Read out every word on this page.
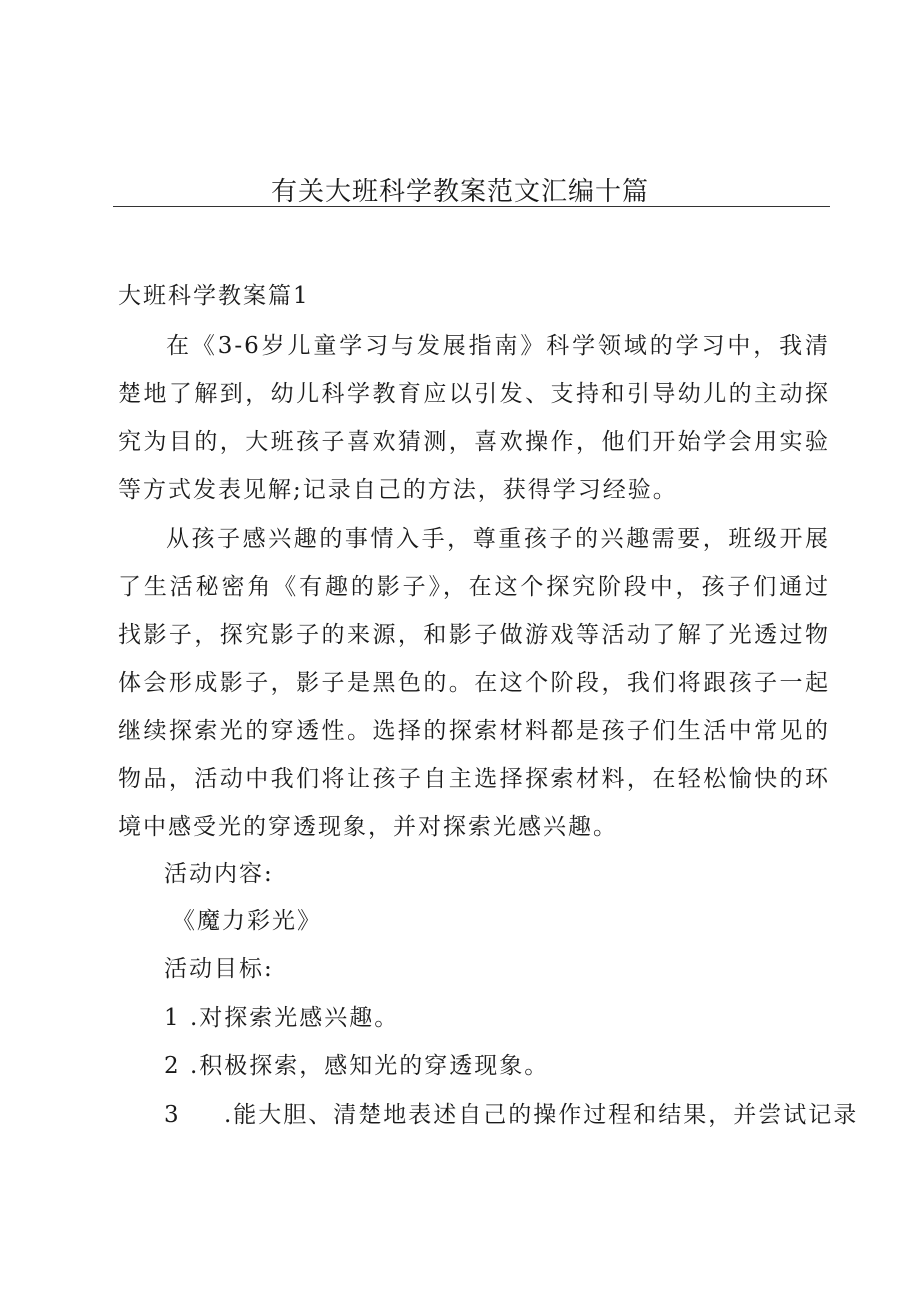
有关大班科学教案范文汇编十篇
大班科学教案篇1

在《3-6岁儿童学习与发展指南》科学领域的学习中，我清楚地了解到，幼儿科学教育应以引发、支持和引导幼儿的主动探究为目的，大班孩子喜欢猜测，喜欢操作，他们开始学会用实验等方式发表见解;记录自己的方法，获得学习经验。

从孩子感兴趣的事情入手，尊重孩子的兴趣需要，班级开展了生活秘密角《有趣的影子》，在这个探究阶段中，孩子们通过找影子，探究影子的来源，和影子做游戏等活动了解了光透过物体会形成影子，影子是黑色的。在这个阶段，我们将跟孩子一起继续探索光的穿透性。选择的探索材料都是孩子们生活中常见的物品，活动中我们将让孩子自主选择探索材料，在轻松愉快的环境中感受光的穿透现象，并对探索光感兴趣。

活动内容:
《魔力彩光》
活动目标:
1 .对探索光感兴趣。
2 .积极探索，感知光的穿透现象。
3 .能大胆、清楚地表述自己的操作过程和结果，并尝试记录
